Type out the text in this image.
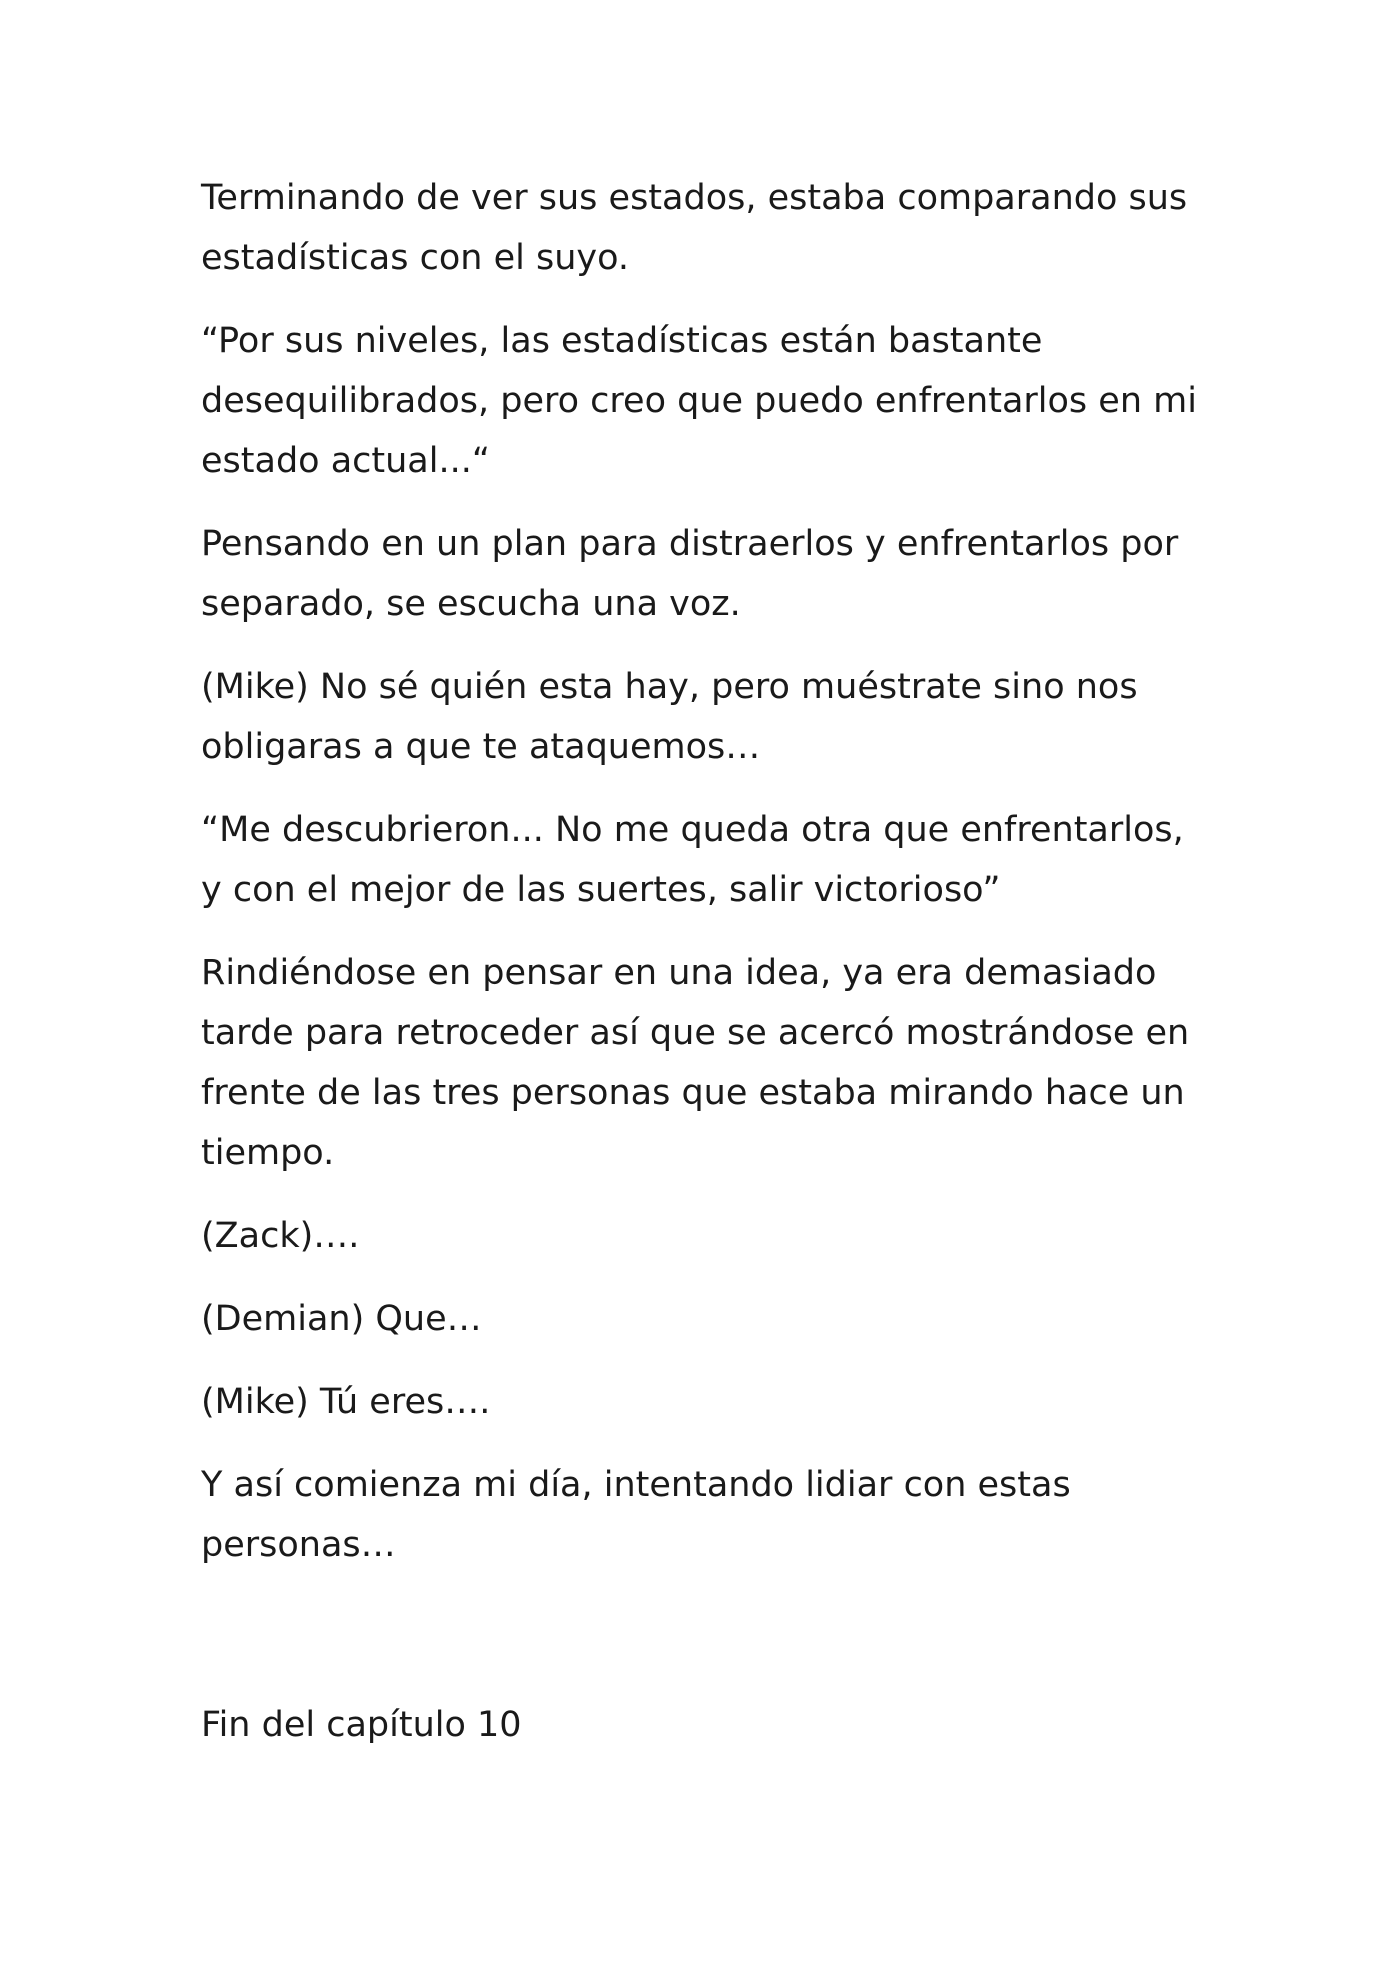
Terminando de ver sus estados, estaba comparando sus estadísticas con el suyo.

“Por sus niveles, las estadísticas están bastante desequilibrados, pero creo que puedo enfrentarlos en mi estado actual...“

Pensando en un plan para distraerlos y enfrentarlos por separado, se escucha una voz.

(Mike) No sé quién esta hay, pero muéstrate sino nos obligaras a que te ataquemos…

“Me descubrieron... No me queda otra que enfrentarlos, y con el mejor de las suertes, salir victorioso”

Rindiéndose en pensar en una idea, ya era demasiado tarde para retroceder así que se acercó mostrándose en frente de las tres personas que estaba mirando hace un tiempo.

(Zack)….

(Demian) Que…

(Mike) Tú eres….

Y así comienza mi día, intentando lidiar con estas personas…

Fin del capítulo 10
